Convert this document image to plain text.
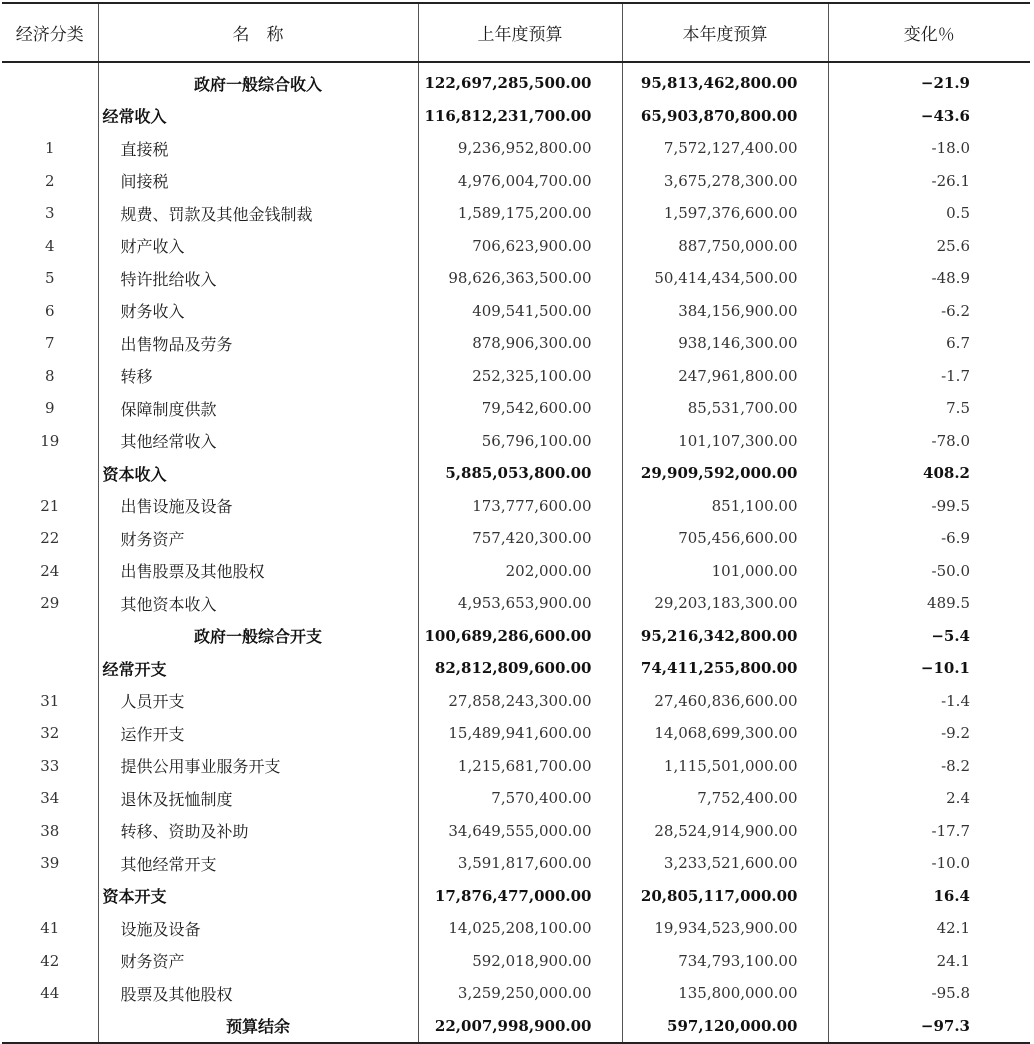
经济分类	名　称	上年度预算	本年度预算	变化％
	政府一般综合收入	122,697,285,500.00	95,813,462,800.00	−21.9
	经常收入	116,812,231,700.00	65,903,870,800.00	−43.6
1	直接税	9,236,952,800.00	7,572,127,400.00	-18.0
2	间接税	4,976,004,700.00	3,675,278,300.00	-26.1
3	规费、罚款及其他金钱制裁	1,589,175,200.00	1,597,376,600.00	0.5
4	财产收入	706,623,900.00	887,750,000.00	25.6
5	特许批给收入	98,626,363,500.00	50,414,434,500.00	-48.9
6	财务收入	409,541,500.00	384,156,900.00	-6.2
7	出售物品及劳务	878,906,300.00	938,146,300.00	6.7
8	转移	252,325,100.00	247,961,800.00	-1.7
9	保障制度供款	79,542,600.00	85,531,700.00	7.5
19	其他经常收入	56,796,100.00	101,107,300.00	-78.0
	资本收入	5,885,053,800.00	29,909,592,000.00	408.2
21	出售设施及设备	173,777,600.00	851,100.00	-99.5
22	财务资产	757,420,300.00	705,456,600.00	-6.9
24	出售股票及其他股权	202,000.00	101,000.00	-50.0
29	其他资本收入	4,953,653,900.00	29,203,183,300.00	489.5
	政府一般综合开支	100,689,286,600.00	95,216,342,800.00	−5.4
	经常开支	82,812,809,600.00	74,411,255,800.00	−10.1
31	人员开支	27,858,243,300.00	27,460,836,600.00	-1.4
32	运作开支	15,489,941,600.00	14,068,699,300.00	-9.2
33	提供公用事业服务开支	1,215,681,700.00	1,115,501,000.00	-8.2
34	退休及抚恤制度	7,570,400.00	7,752,400.00	2.4
38	转移、资助及补助	34,649,555,000.00	28,524,914,900.00	-17.7
39	其他经常开支	3,591,817,600.00	3,233,521,600.00	-10.0
	资本开支	17,876,477,000.00	20,805,117,000.00	16.4
41	设施及设备	14,025,208,100.00	19,934,523,900.00	42.1
42	财务资产	592,018,900.00	734,793,100.00	24.1
44	股票及其他股权	3,259,250,000.00	135,800,000.00	-95.8
	预算结余	22,007,998,900.00	597,120,000.00	−97.3
